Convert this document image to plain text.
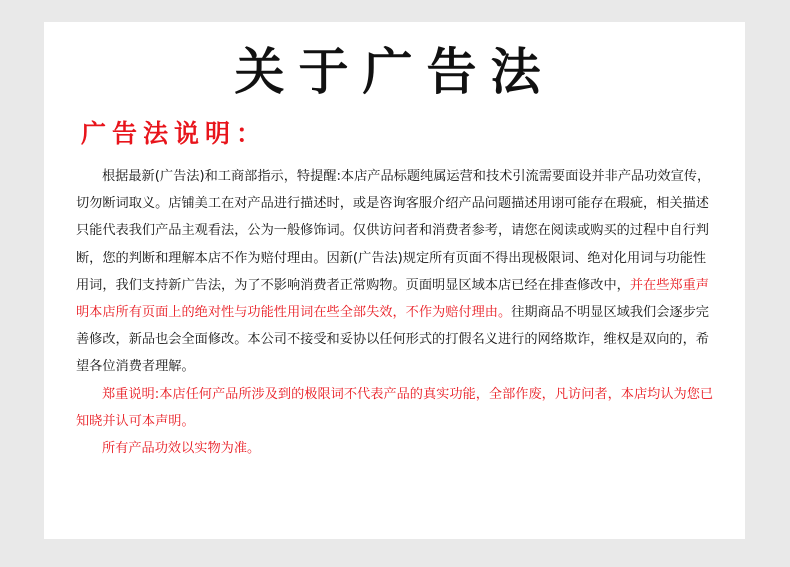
关于广告法
广告法说明：

根据最新(广告法)和工商部指示，特提醒:本店产品标题纯属运营和技术引流需要面设并非产品功效宣传，切勿断词取义。店铺美工在对产品进行描述时，或是咨询客服介绍产品问题描述用诩可能存在瑕疵，相关描述只能代表我们产品主观看法，公为一般修饰词。仅供访问者和消费者参考，请您在阅读或购买的过程中自行判断，您的判断和理解本店不作为赔付理由。因新(广告法)规定所有页面不得出现极限词、绝对化用词与功能性用词，我们支持新广告法，为了不影响消费者正常购物。页面明显区域本店已经在排查修改中，并在些郑重声明本店所有页面上的绝对性与功能性用词在些全部失效，不作为赔付理由。往期商品不明显区域我们会逐步完善修改，新品也会全面修改。本公司不接受和妥协以任何形式的打假名义进行的网络欺诈，维权是双向的，希望各位消费者理解。

郑重说明:本店任何产品所涉及到的极限词不代表产品的真实功能，全部作废，凡访问者，本店均认为您已知晓并认可本声明。

所有产品功效以实物为准。
